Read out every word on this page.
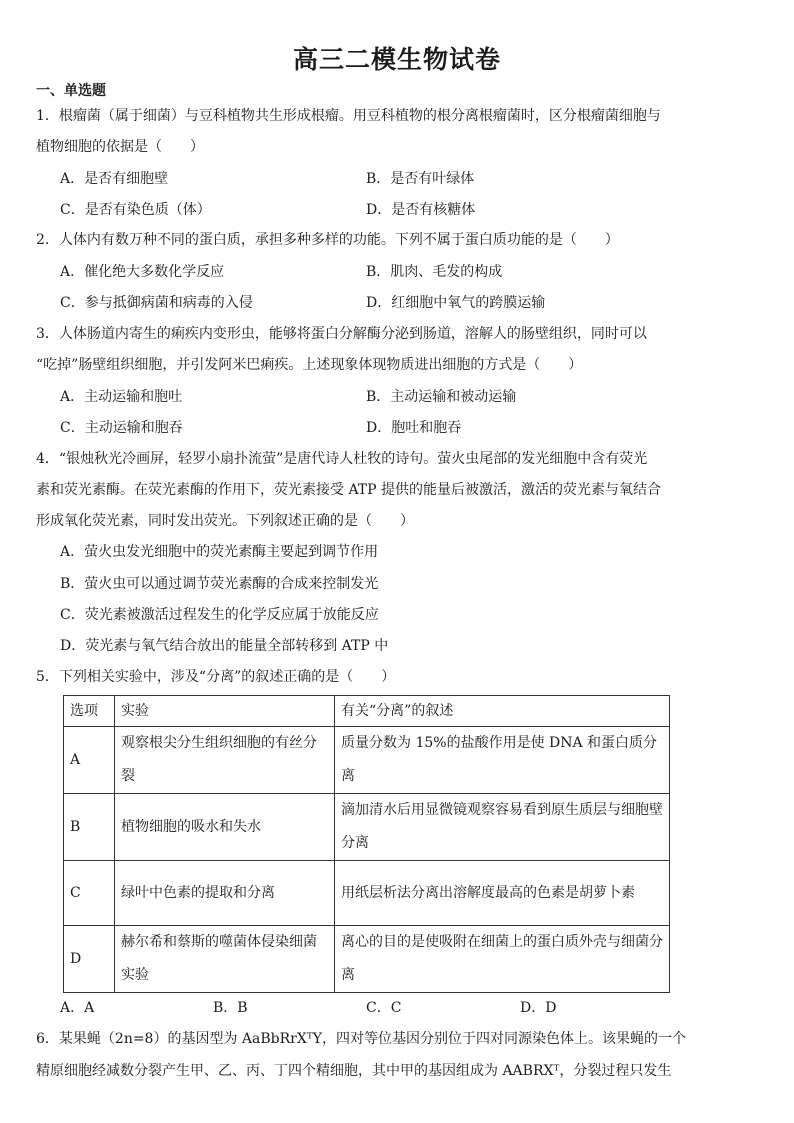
高三二模生物试卷
一、单选题
1．根瘤菌（属于细菌）与豆科植物共生形成根瘤。用豆科植物的根分离根瘤菌时，区分根瘤菌细胞与
植物细胞的依据是（　　）
A．是否有细胞壁	B．是否有叶绿体
C．是否有染色质（体）	D．是否有核糖体
2．人体内有数万种不同的蛋白质，承担多种多样的功能。下列不属于蛋白质功能的是（　　）
A．催化绝大多数化学反应	B．肌肉、毛发的构成
C．参与抵御病菌和病毒的入侵	D．红细胞中氧气的跨膜运输
3．人体肠道内寄生的痢疾内变形虫，能够将蛋白分解酶分泌到肠道，溶解人的肠壁组织，同时可以
“吃掉”肠壁组织细胞，并引发阿米巴痢疾。上述现象体现物质进出细胞的方式是（　　）
A．主动运输和胞吐	B．主动运输和被动运输
C．主动运输和胞吞	D．胞吐和胞吞
4．“银烛秋光冷画屏，轻罗小扇扑流萤”是唐代诗人杜牧的诗句。萤火虫尾部的发光细胞中含有荧光
素和荧光素酶。在荧光素酶的作用下，荧光素接受 ATP 提供的能量后被激活，激活的荧光素与氧结合
形成氧化荧光素，同时发出荧光。下列叙述正确的是（　　）
A．萤火虫发光细胞中的荧光素酶主要起到调节作用
B．萤火虫可以通过调节荧光素酶的合成来控制发光
C．荧光素被激活过程发生的化学反应属于放能反应
D．荧光素与氧气结合放出的能量全部转移到 ATP 中
5．下列相关实验中，涉及“分离”的叙述正确的是（　　）
选项	实验	有关“分离”的叙述
A	观察根尖分生组织细胞的有丝分裂	质量分数为 15%的盐酸作用是使 DNA 和蛋白质分离
B	植物细胞的吸水和失水	滴加清水后用显微镜观察容易看到原生质层与细胞壁分离
C	绿叶中色素的提取和分离	用纸层析法分离出溶解度最高的色素是胡萝卜素
D	赫尔希和蔡斯的噬菌体侵染细菌实验	离心的目的是使吸附在细菌上的蛋白质外壳与细菌分离
A．A	B．B	C．C	D．D
6．某果蝇（2n=8）的基因型为 AaBbRrXᵀY，四对等位基因分别位于四对同源染色体上。该果蝇的一个
精原细胞经减数分裂产生甲、乙、丙、丁四个精细胞，其中甲的基因组成为 AABRXᵀ，分裂过程只发生
